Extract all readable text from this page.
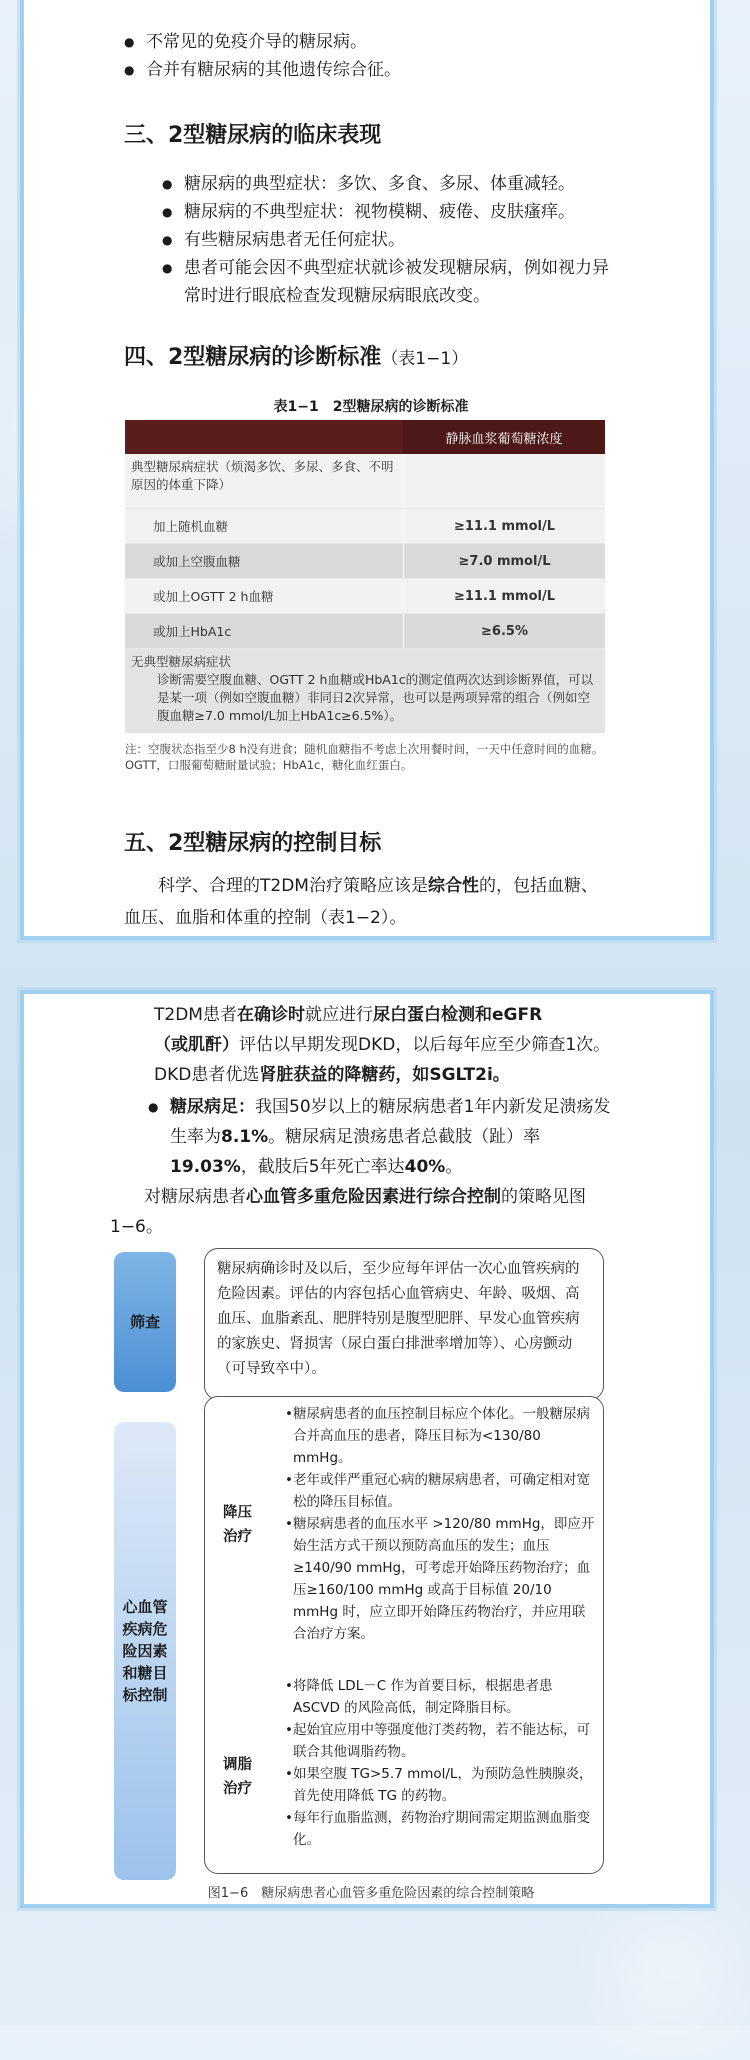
● 不常见的免疫介导的糖尿病。
● 合并有糖尿病的其他遗传综合征。
三、2型糖尿病的临床表现
● 糖尿病的典型症状：多饮、多食、多尿、体重减轻。
● 糖尿病的不典型症状：视物模糊、疲倦、皮肤瘙痒。
● 有些糖尿病患者无任何症状。
● 患者可能会因不典型症状就诊被发现糖尿病，例如视力异常时进行眼底检查发现糖尿病眼底改变。
四、2型糖尿病的诊断标准（表1−1）
表1−1　2型糖尿病的诊断标准
静脉血浆葡萄糖浓度
典型糖尿病症状（烦渴多饮、多尿、多食、不明原因的体重下降）
加上随机血糖	≥11.1 mmol/L
或加上空腹血糖	≥7.0 mmol/L
或加上OGTT 2 h血糖	≥11.1 mmol/L
或加上HbA1c	≥6.5%
无典型糖尿病症状
诊断需要空腹血糖、OGTT 2 h血糖或HbA1c的测定值两次达到诊断界值，可以是某一项（例如空腹血糖）非同日2次异常，也可以是两项异常的组合（例如空腹血糖≥7.0 mmol/L加上HbA1c≥6.5%）。
注：空腹状态指至少8 h没有进食；随机血糖指不考虑上次用餐时间，一天中任意时间的血糖。
OGTT，口服葡萄糖耐量试验；HbA1c，糖化血红蛋白。
五、2型糖尿病的控制目标

科学、合理的T2DM治疗策略应该是综合性的，包括血糖、血压、血脂和体重的控制（表1−2）。

T2DM患者在确诊时就应进行尿白蛋白检测和eGFR
（或肌酐）评估以早期发现DKD，以后每年应至少筛查1次。DKD患者优选肾脏获益的降糖药，如SGLT2i。

● 糖尿病足：我国50岁以上的糖尿病患者1年内新发足溃疡发生率为8.1%。糖尿病足溃疡患者总截肢（趾）率19.03%，截肢后5年死亡率达40%。

对糖尿病患者心血管多重危险因素进行综合控制的策略见图1−6。

筛查
糖尿病确诊时及以后，至少应每年评估一次心血管疾病的危险因素。评估的内容包括心血管病史、年龄、吸烟、高血压、血脂紊乱、肥胖特别是腹型肥胖、早发心血管疾病的家族史、肾损害（尿白蛋白排泄率增加等）、心房颤动（可导致卒中）。
心血管疾病危险因素和糖目标控制
降压治疗
• 糖尿病患者的血压控制目标应个体化。一般糖尿病合并高血压的患者，降压目标为<130/80 mmHg。
• 老年或伴严重冠心病的糖尿病患者，可确定相对宽松的降压目标值。
• 糖尿病患者的血压水平 >120/80 mmHg，即应开始生活方式干预以预防高血压的发生；血压≥140/90 mmHg，可考虑开始降压药物治疗；血压≥160/100 mmHg 或高于目标值 20/10 mmHg 时，应立即开始降压药物治疗，并应用联合治疗方案。
调脂治疗
• 将降低 LDL－C 作为首要目标，根据患者患 ASCVD 的风险高低，制定降脂目标。
• 起始宜应用中等强度他汀类药物，若不能达标，可联合其他调脂药物。
• 如果空腹 TG>5.7 mmol/L，为预防急性胰腺炎，首先使用降低 TG 的药物。
• 每年行血脂监测，药物治疗期间需定期监测血脂变化。
图1−6　糖尿病患者心血管多重危险因素的综合控制策略
